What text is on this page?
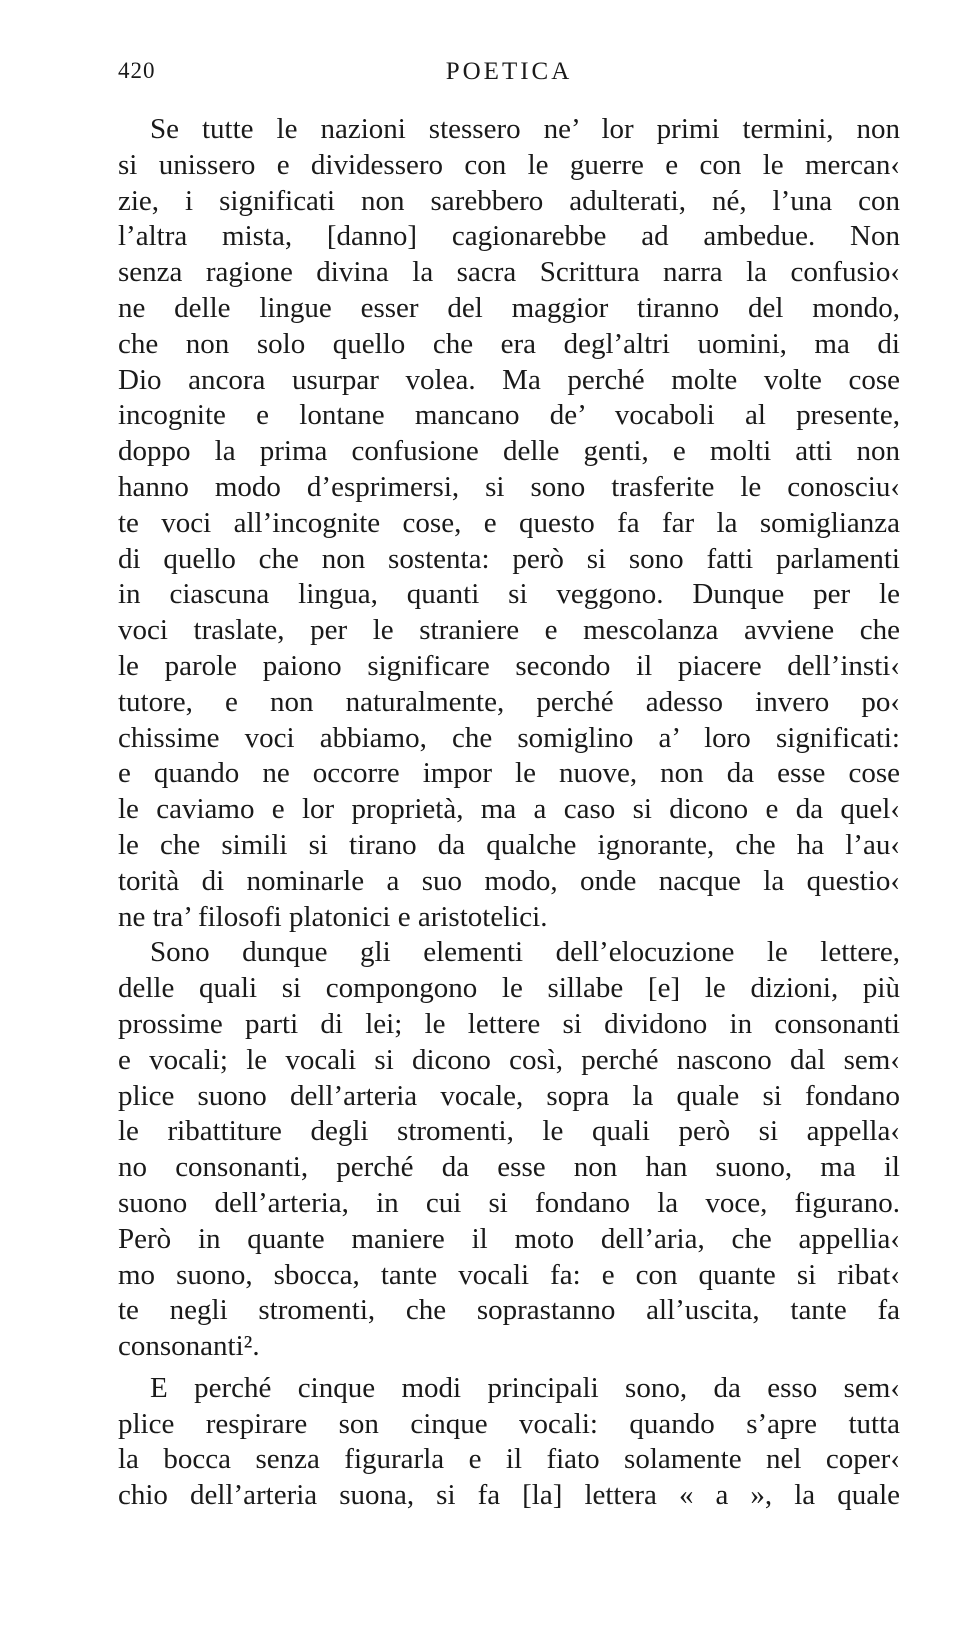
420	POETICA
Se tutte le nazioni stessero ne’ lor primi termini, non
si unissero e dividessero con le guerre e con le mercan‹
zie, i significati non sarebbero adulterati, né, l’una con
l’altra mista, [danno] cagionarebbe ad ambedue. Non
senza ragione divina la sacra Scrittura narra la confusio‹
ne delle lingue esser del maggior tiranno del mondo,
che non solo quello che era degl’altri uomini, ma di
Dio ancora usurpar volea. Ma perché molte volte cose
incognite e lontane mancano de’ vocaboli al presente,
doppo la prima confusione delle genti, e molti atti non
hanno modo d’esprimersi, si sono trasferite le conosciu‹
te voci all’incognite cose, e questo fa far la somiglianza
di quello che non sostenta: però si sono fatti parlamenti
in ciascuna lingua, quanti si veggono. Dunque per le
voci traslate, per le straniere e mescolanza avviene che
le parole paiono significare secondo il piacere dell’insti‹
tutore, e non naturalmente, perché adesso invero po‹
chissime voci abbiamo, che somiglino a’ loro significati:
e quando ne occorre impor le nuove, non da esse cose
le caviamo e lor proprietà, ma a caso si dicono e da quel‹
le che simili si tirano da qualche ignorante, che ha l’au‹
torità di nominarle a suo modo, onde nacque la questio‹
ne tra’ filosofi platonici e aristotelici.
Sono dunque gli elementi dell’elocuzione le lettere,
delle quali si compongono le sillabe [e] le dizioni, più
prossime parti di lei; le lettere si dividono in consonanti
e vocali; le vocali si dicono così, perché nascono dal sem‹
plice suono dell’arteria vocale, sopra la quale si fondano
le ribattiture degli stromenti, le quali però si appella‹
no consonanti, perché da esse non han suono, ma il
suono dell’arteria, in cui si fondano la voce, figurano.
Però in quante maniere il moto dell’aria, che appellia‹
mo suono, sbocca, tante vocali fa: e con quante si ribat‹
te negli stromenti, che soprastanno all’uscita, tante fa
consonanti².
E perché cinque modi principali sono, da esso sem‹
plice respirare son cinque vocali: quando s’apre tutta
la bocca senza figurarla e il fiato solamente nel coper‹
chio dell’arteria suona, si fa [la] lettera « a », la quale
